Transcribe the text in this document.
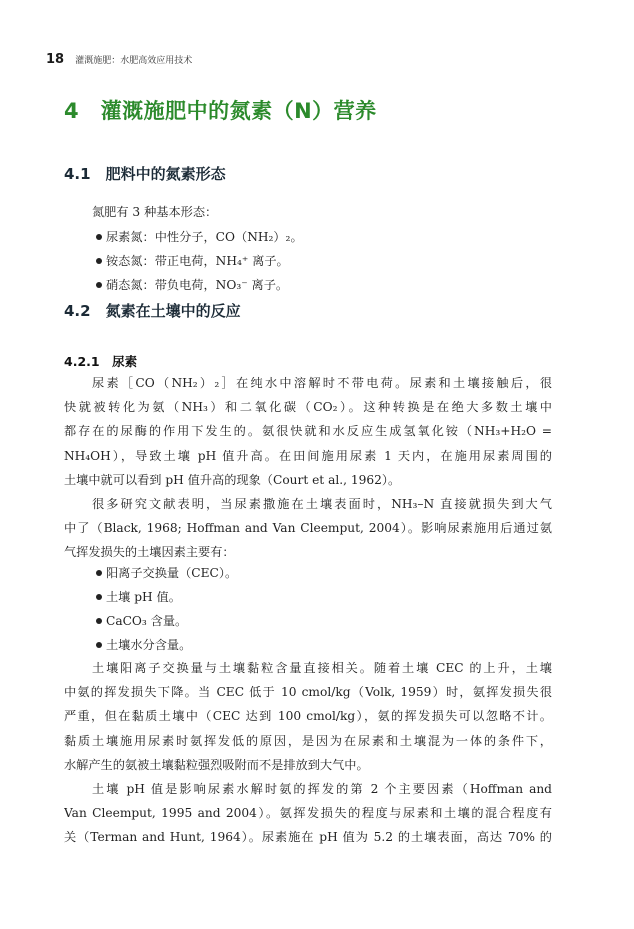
18 灌溉施肥：水肥高效应用技术
4　灌溉施肥中的氮素（N）营养
4.1　肥料中的氮素形态
氮肥有 3 种基本形态：
尿素氮：中性分子，CO（NH₂）₂。
铵态氮：带正电荷，NH₄⁺ 离子。
硝态氮：带负电荷，NO₃⁻ 离子。
4.2　氮素在土壤中的反应
4.2.1　尿素
尿素［CO（NH₂）₂］在纯水中溶解时不带电荷。尿素和土壤接触后，很
快就被转化为氨（NH₃）和二氧化碳（CO₂）。这种转换是在绝大多数土壤中
都存在的尿酶的作用下发生的。氨很快就和水反应生成氢氧化铵（NH₃+H₂O =
NH₄OH），导致土壤 pH 值升高。在田间施用尿素 1 天内，在施用尿素周围的
土壤中就可以看到 pH 值升高的现象（Court et al., 1962）。
很多研究文献表明，当尿素撒施在土壤表面时，NH₃–N 直接就损失到大气
中了（Black, 1968; Hoffman and Van Cleemput, 2004）。影响尿素施用后通过氨
气挥发损失的土壤因素主要有：
阳离子交换量（CEC）。
土壤 pH 值。
CaCO₃ 含量。
土壤水分含量。
土壤阳离子交换量与土壤黏粒含量直接相关。随着土壤 CEC 的上升，土壤
中氨的挥发损失下降。当 CEC 低于 10 cmol/kg（Volk, 1959）时，氨挥发损失很
严重，但在黏质土壤中（CEC 达到 100 cmol/kg），氨的挥发损失可以忽略不计。
黏质土壤施用尿素时氨挥发低的原因，是因为在尿素和土壤混为一体的条件下，
水解产生的氨被土壤黏粒强烈吸附而不是排放到大气中。
土壤 pH 值是影响尿素水解时氨的挥发的第 2 个主要因素（Hoffman and
Van Cleemput, 1995 and 2004）。氨挥发损失的程度与尿素和土壤的混合程度有
关（Terman and Hunt, 1964）。尿素施在 pH 值为 5.2 的土壤表面，高达 70% 的
